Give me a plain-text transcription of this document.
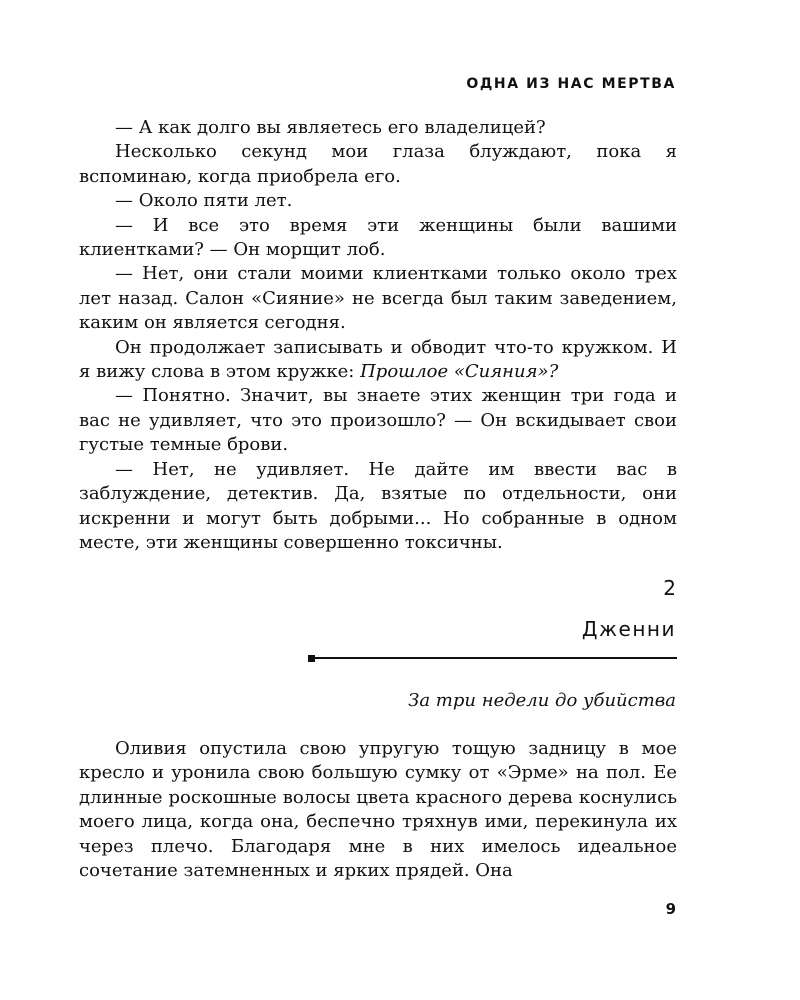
ОДНА ИЗ НАС МЕРТВА

— А как долго вы являетесь его владелицей?

Несколько секунд мои глаза блуждают, пока я вспоминаю, когда приобрела его.

— Около пяти лет.

— И все это время эти женщины были вашими клиентками? — Он морщит лоб.

— Нет, они стали моими клиентками только около трех лет назад. Салон «Сияние» не всегда был таким заведением, каким он является сегодня.

Он продолжает записывать и обводит что-то кружком. И я вижу слова в этом кружке: Прошлое «Сияния»?

— Понятно. Значит, вы знаете этих женщин три года и вас не удивляет, что это произошло? — Он вскидывает свои густые темные брови.

— Нет, не удивляет. Не дайте им ввести вас в заблуждение, детектив. Да, взятые по отдельности, они искренни и могут быть добрыми... Но собранные в одном месте, эти женщины совершенно токсичны.

2
Дженни
За три недели до убийства

Оливия опустила свою упругую тощую задницу в мое кресло и уронила свою большую сумку от «Эрме» на пол. Ее длинные роскошные волосы цвета красного дерева коснулись моего лица, когда она, беспечно тряхнув ими, перекинула их через плечо. Благодаря мне в них имелось идеальное сочетание затемненных и ярких прядей. Она

9
